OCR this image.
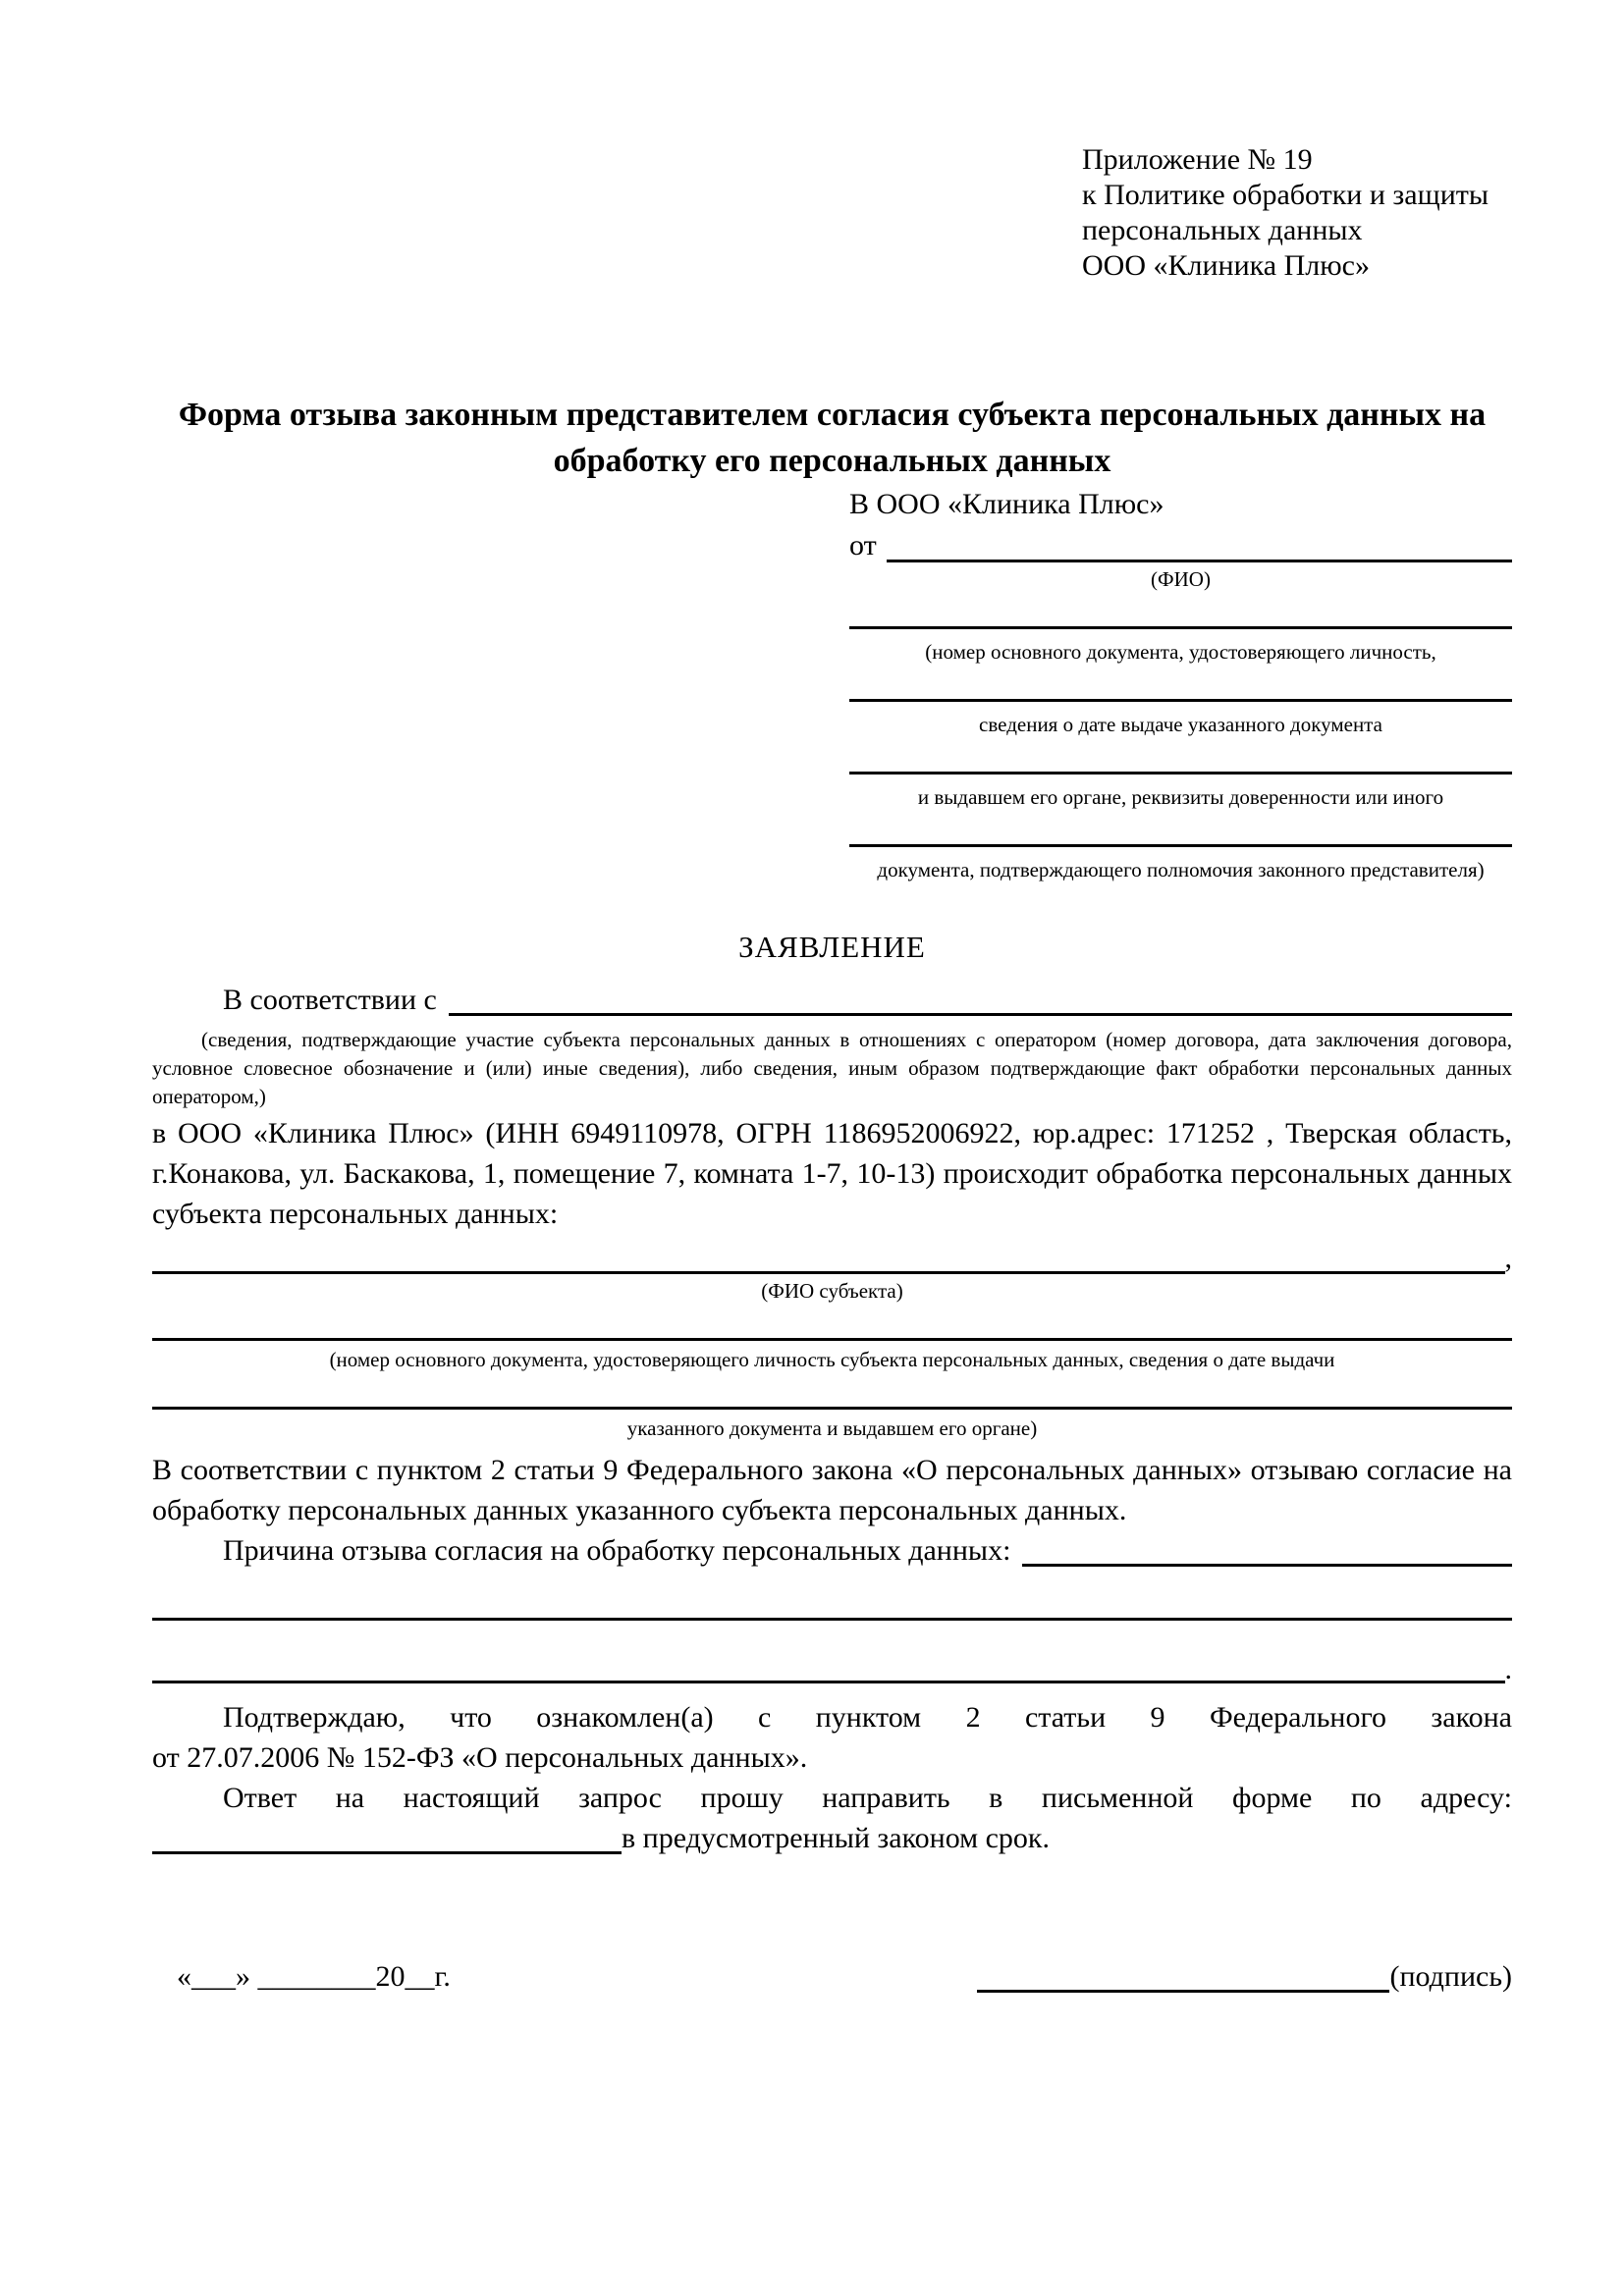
Приложение № 19
к Политике обработки и защиты
персональных данных
ООО «Клиника Плюс»
Форма отзыва законным представителем согласия субъекта персональных данных на обработку его персональных данных
В ООО «Клиника Плюс»
от
(ФИО)
(номер основного документа, удостоверяющего личность,
сведения о дате выдаче указанного документа
и выдавшем его органе, реквизиты доверенности или иного
документа, подтверждающего полномочия законного представителя)
ЗАЯВЛЕНИЕ
В соответствии с
(сведения, подтверждающие участие субъекта персональных данных в отношениях с оператором (номер договора, дата заключения договора, условное словесное обозначение и (или) иные сведения), либо сведения, иным образом подтверждающие факт обработки персональных данных оператором,)
в ООО «Клиника Плюс» (ИНН 6949110978, ОГРН 1186952006922, юр.адрес: 171252 , Тверская область, г.Конакова, ул. Баскакова, 1, помещение 7, комната 1-7, 10-13) происходит обработка персональных данных субъекта персональных данных:
,
(ФИО субъекта)
(номер основного документа, удостоверяющего личность субъекта персональных данных, сведения о дате выдачи
указанного документа и выдавшем его органе)
В соответствии с пунктом 2 статьи 9 Федерального закона «О персональных данных» отзываю согласие на обработку персональных данных указанного субъекта персональных данных.
Причина отзыва согласия на обработку персональных данных:
.
Подтверждаю, что ознакомлен(а) с пунктом 2 статьи 9 Федерального закона
от 27.07.2006 № 152-ФЗ «О персональных данных».
Ответ на настоящий запрос прошу направить в письменной форме по адресу:
в предусмотренный законом срок.
«___» ________20__г.	(подпись)
